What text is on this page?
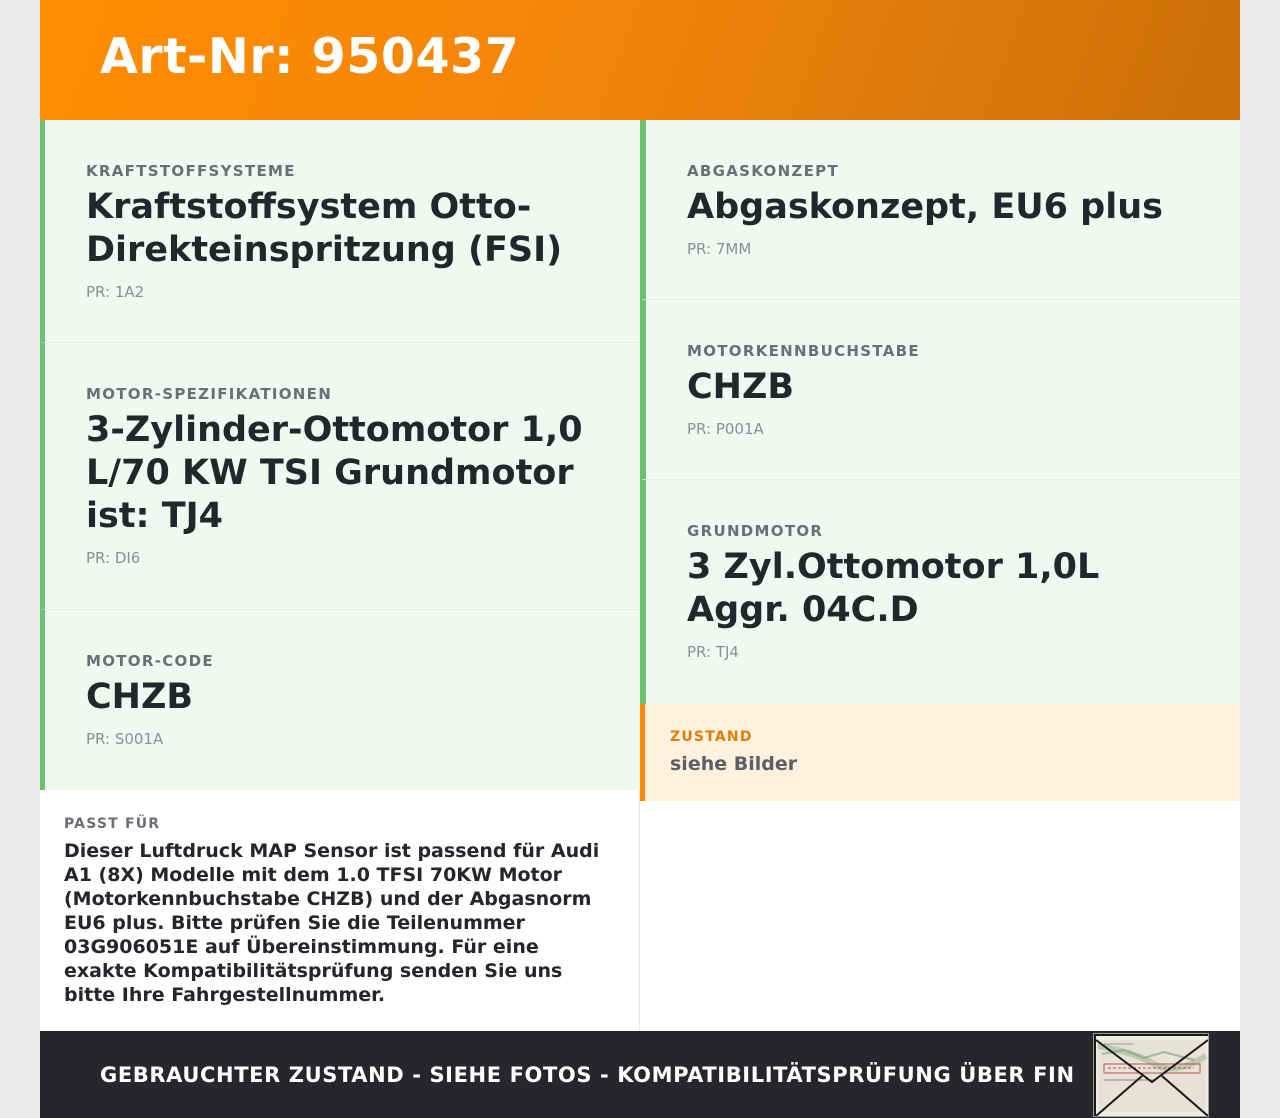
Art-Nr: 950437
KRAFTSTOFFSYSTEME
Kraftstoffsystem Otto-Direkteinspritzung (FSI)
PR: 1A2
MOTOR-SPEZIFIKATIONEN
3-Zylinder-Ottomotor 1,0 L/70 KW TSI Grundmotor ist: TJ4
PR: DI6
MOTOR-CODE
CHZB
PR: S001A
ABGASKONZEPT
Abgaskonzept, EU6 plus
PR: 7MM
MOTORKENNBUCHSTABE
CHZB
PR: P001A
GRUNDMOTOR
3 Zyl.Ottomotor 1,0L Aggr. 04C.D
PR: TJ4
ZUSTAND
siehe Bilder
PASST FÜR
Dieser Luftdruck MAP Sensor ist passend für Audi A1 (8X) Modelle mit dem 1.0 TFSI 70KW Motor (Motorkennbuchstabe CHZB) und der Abgasnorm EU6 plus. Bitte prüfen Sie die Teilenummer 03G906051E auf Übereinstimmung. Für eine exakte Kompatibilitätsprüfung senden Sie uns bitte Ihre Fahrgestellnummer.
GEBRAUCHTER ZUSTAND - SIEHE FOTOS - KOMPATIBILITÄTSPRÜFUNG ÜBER FIN
